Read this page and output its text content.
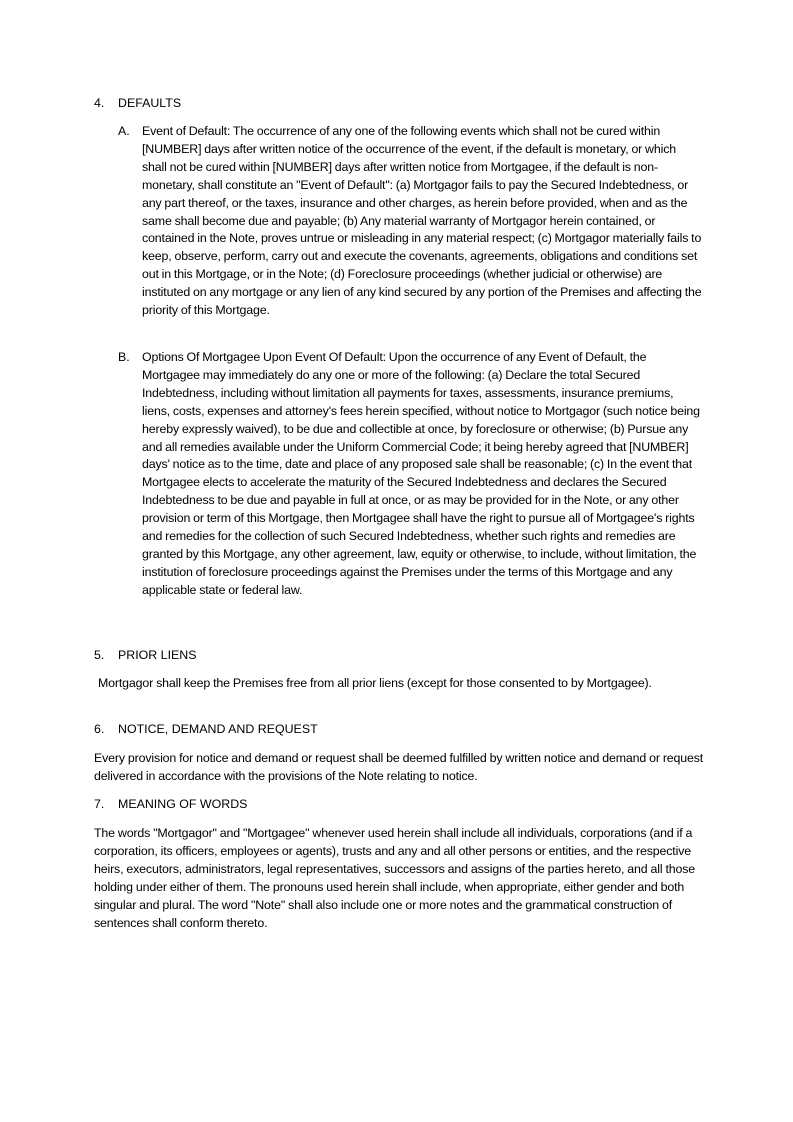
4. DEFAULTS
A. Event of Default: The occurrence of any one of the following events which shall not be cured within [NUMBER] days after written notice of the occurrence of the event, if the default is monetary, or which shall not be cured within [NUMBER] days after written notice from Mortgagee, if the default is non-monetary, shall constitute an "Event of Default": (a) Mortgagor fails to pay the Secured Indebtedness, or any part thereof, or the taxes, insurance and other charges, as herein before provided, when and as the same shall become due and payable; (b) Any material warranty of Mortgagor herein contained, or contained in the Note, proves untrue or misleading in any material respect; (c) Mortgagor materially fails to keep, observe, perform, carry out and execute the covenants, agreements, obligations and conditions set out in this Mortgage, or in the Note; (d) Foreclosure proceedings (whether judicial or otherwise) are instituted on any mortgage or any lien of any kind secured by any portion of the Premises and affecting the priority of this Mortgage.
B. Options Of Mortgagee Upon Event Of Default: Upon the occurrence of any Event of Default, the Mortgagee may immediately do any one or more of the following: (a) Declare the total Secured Indebtedness, including without limitation all payments for taxes, assessments, insurance premiums, liens, costs, expenses and attorney's fees herein specified, without notice to Mortgagor (such notice being hereby expressly waived), to be due and collectible at once, by foreclosure or otherwise; (b) Pursue any and all remedies available under the Uniform Commercial Code; it being hereby agreed that [NUMBER] days' notice as to the time, date and place of any proposed sale shall be reasonable; (c) In the event that Mortgagee elects to accelerate the maturity of the Secured Indebtedness and declares the Secured Indebtedness to be due and payable in full at once, or as may be provided for in the Note, or any other provision or term of this Mortgage, then Mortgagee shall have the right to pursue all of Mortgagee's rights and remedies for the collection of such Secured Indebtedness, whether such rights and remedies are granted by this Mortgage, any other agreement, law, equity or otherwise, to include, without limitation, the institution of foreclosure proceedings against the Premises under the terms of this Mortgage and any applicable state or federal law.
5. PRIOR LIENS
Mortgagor shall keep the Premises free from all prior liens (except for those consented to by Mortgagee).
6. NOTICE, DEMAND AND REQUEST
Every provision for notice and demand or request shall be deemed fulfilled by written notice and demand or request delivered in accordance with the provisions of the Note relating to notice.
7. MEANING OF WORDS
The words "Mortgagor" and "Mortgagee" whenever used herein shall include all individuals, corporations (and if a corporation, its officers, employees or agents), trusts and any and all other persons or entities, and the respective heirs, executors, administrators, legal representatives, successors and assigns of the parties hereto, and all those holding under either of them. The pronouns used herein shall include, when appropriate, either gender and both singular and plural. The word "Note" shall also include one or more notes and the grammatical construction of sentences shall conform thereto.
